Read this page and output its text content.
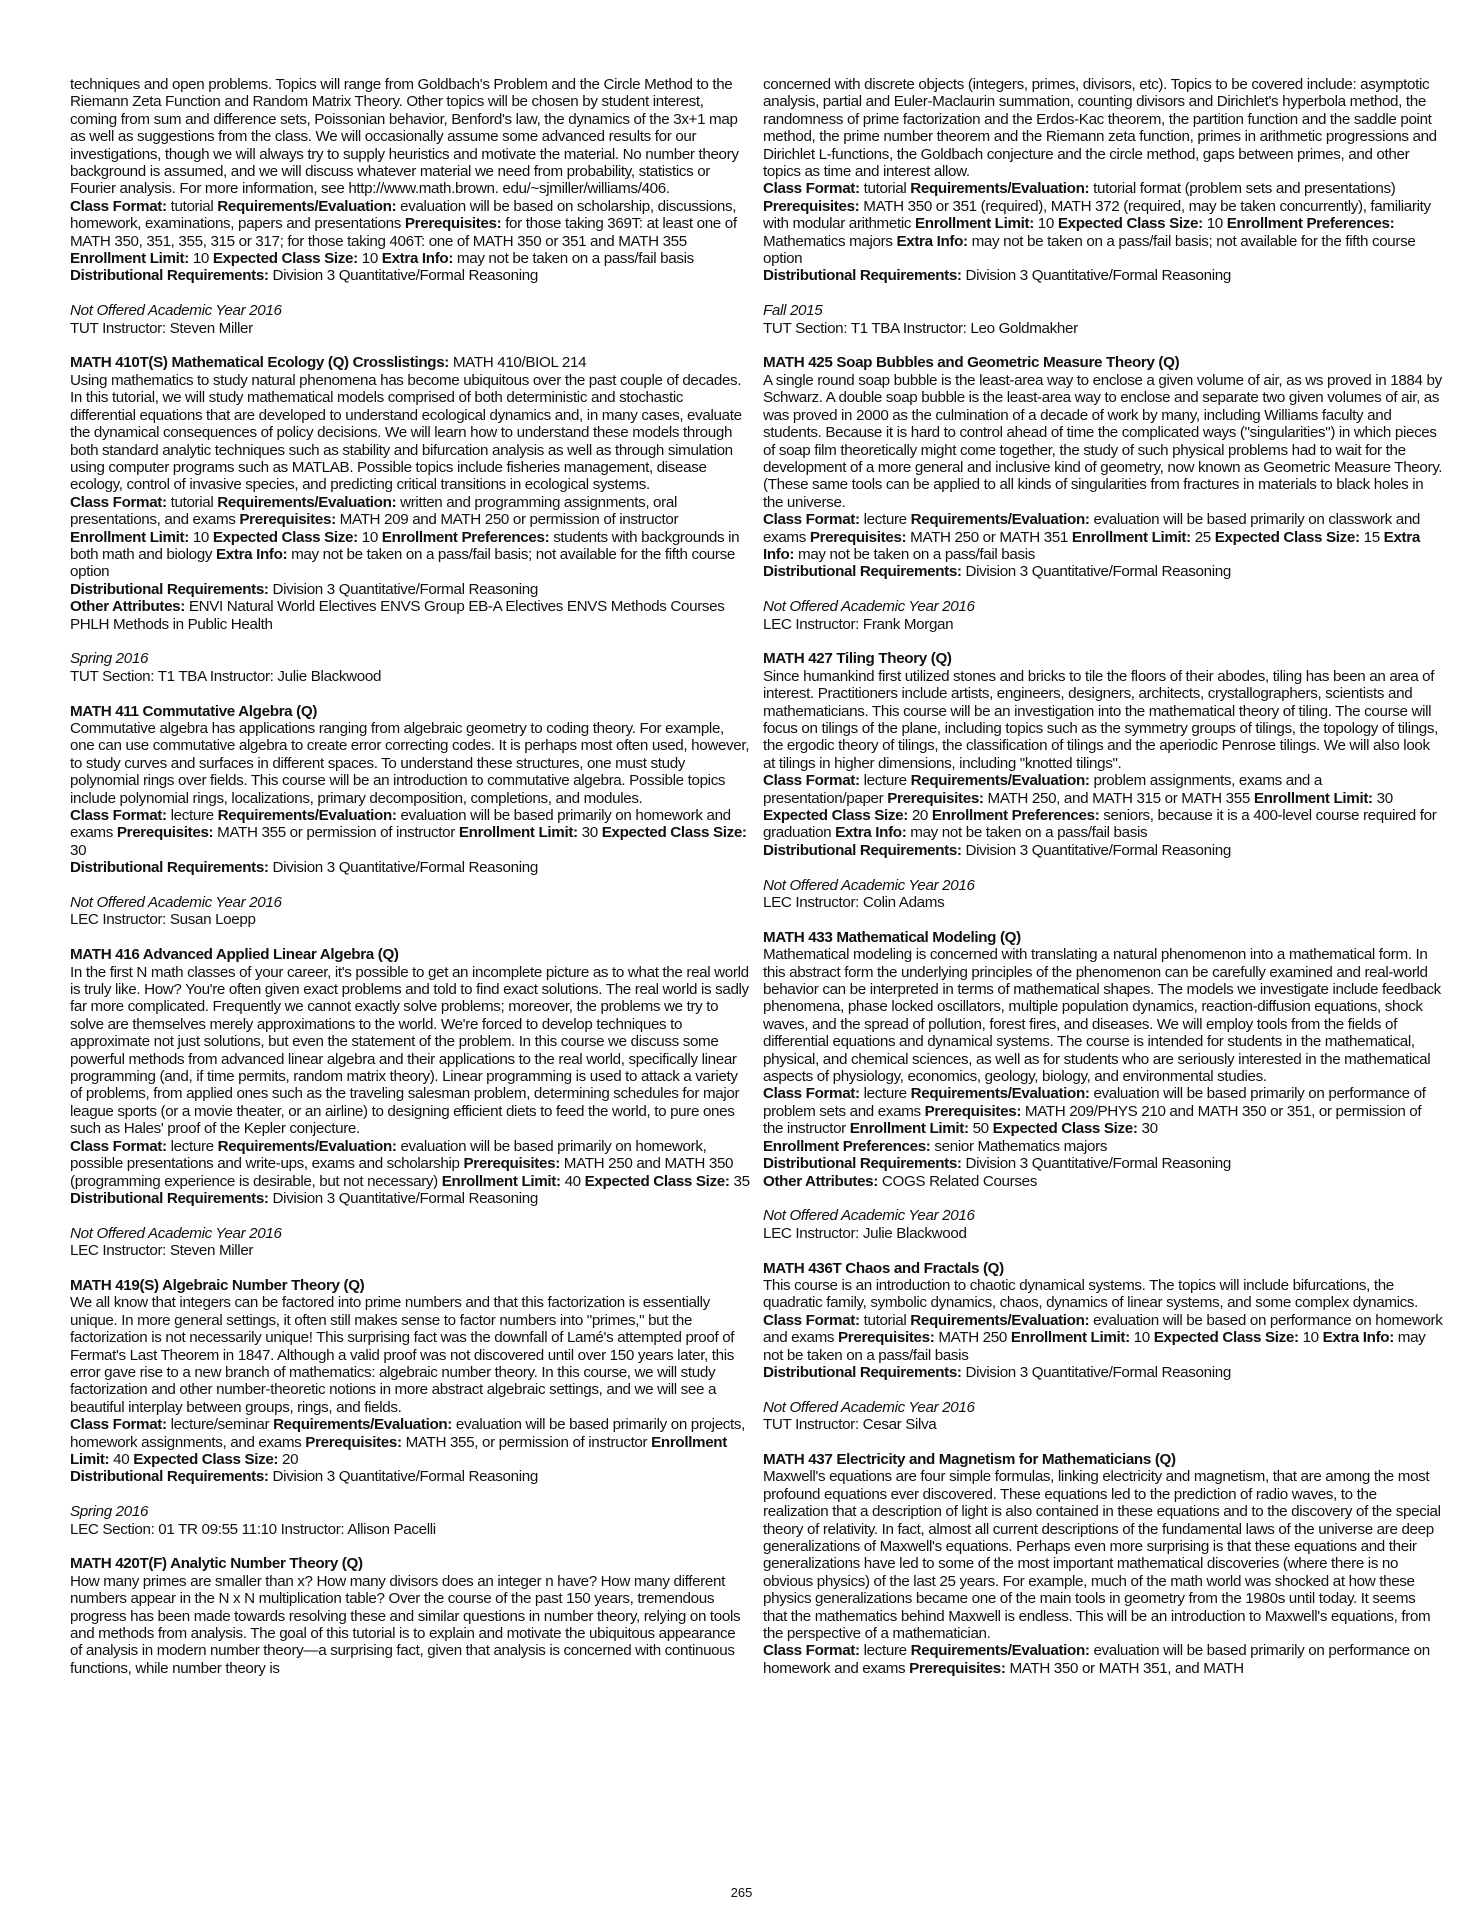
techniques and open problems. Topics will range from Goldbach's Problem and the Circle Method to the Riemann Zeta Function and Random Matrix Theory. Other topics will be chosen by student interest, coming from sum and difference sets, Poissonian behavior, Benford's law, the dynamics of the 3x+1 map as well as suggestions from the class. We will occasionally assume some advanced results for our investigations, though we will always try to supply heuristics and motivate the material. No number theory background is assumed, and we will discuss whatever material we need from probability, statistics or Fourier analysis. For more information, see http://www.math.brown. edu/~sjmiller/williams/406.

Class Format: tutorial Requirements/Evaluation: evaluation will be based on scholarship, discussions, homework, examinations, papers and presentations Prerequisites: for those taking 369T: at least one of MATH 350, 351, 355, 315 or 317; for those taking 406T: one of MATH 350 or 351 and MATH 355 Enrollment Limit: 10 Expected Class Size: 10 Extra Info: may not be taken on a pass/fail basis

Distributional Requirements: Division 3 Quantitative/Formal Reasoning

Not Offered Academic Year 2016

TUT Instructor: Steven Miller

MATH 410T(S) Mathematical Ecology (Q) Crosslistings: MATH 410/BIOL 214

Using mathematics to study natural phenomena has become ubiquitous over the past couple of decades. In this tutorial, we will study mathematical models comprised of both deterministic and stochastic differential equations that are developed to understand ecological dynamics and, in many cases, evaluate the dynamical consequences of policy decisions. We will learn how to understand these models through both standard analytic techniques such as stability and bifurcation analysis as well as through simulation using computer programs such as MATLAB. Possible topics include fisheries management, disease ecology, control of invasive species, and predicting critical transitions in ecological systems.

Class Format: tutorial Requirements/Evaluation: written and programming assignments, oral presentations, and exams Prerequisites: MATH 209 and MATH 250 or permission of instructor Enrollment Limit: 10 Expected Class Size: 10 Enrollment Preferences: students with backgrounds in both math and biology Extra Info: may not be taken on a pass/fail basis; not available for the fifth course option

Distributional Requirements: Division 3 Quantitative/Formal Reasoning

Other Attributes: ENVI Natural World Electives ENVS Group EB-A Electives ENVS Methods Courses PHLH Methods in Public Health

Spring 2016

TUT Section: T1 TBA Instructor: Julie Blackwood

MATH 411 Commutative Algebra (Q)

Commutative algebra has applications ranging from algebraic geometry to coding theory. For example, one can use commutative algebra to create error correcting codes. It is perhaps most often used, however, to study curves and surfaces in different spaces. To understand these structures, one must study polynomial rings over fields. This course will be an introduction to commutative algebra. Possible topics include polynomial rings, localizations, primary decomposition, completions, and modules.

Class Format: lecture Requirements/Evaluation: evaluation will be based primarily on homework and exams Prerequisites: MATH 355 or permission of instructor Enrollment Limit: 30 Expected Class Size: 30

Distributional Requirements: Division 3 Quantitative/Formal Reasoning

Not Offered Academic Year 2016

LEC Instructor: Susan Loepp

MATH 416 Advanced Applied Linear Algebra (Q)

In the first N math classes of your career, it's possible to get an incomplete picture as to what the real world is truly like. How? You're often given exact problems and told to find exact solutions. The real world is sadly far more complicated. Frequently we cannot exactly solve problems; moreover, the problems we try to solve are themselves merely approximations to the world. We're forced to develop techniques to approximate not just solutions, but even the statement of the problem. In this course we discuss some powerful methods from advanced linear algebra and their applications to the real world, specifically linear programming (and, if time permits, random matrix theory). Linear programming is used to attack a variety of problems, from applied ones such as the traveling salesman problem, determining schedules for major league sports (or a movie theater, or an airline) to designing efficient diets to feed the world, to pure ones such as Hales' proof of the Kepler conjecture.

Class Format: lecture Requirements/Evaluation: evaluation will be based primarily on homework, possible presentations and write-ups, exams and scholarship Prerequisites: MATH 250 and MATH 350 (programming experience is desirable, but not necessary) Enrollment Limit: 40 Expected Class Size: 35

Distributional Requirements: Division 3 Quantitative/Formal Reasoning

Not Offered Academic Year 2016

LEC Instructor: Steven Miller

MATH 419(S) Algebraic Number Theory (Q)

We all know that integers can be factored into prime numbers and that this factorization is essentially unique. In more general settings, it often still makes sense to factor numbers into "primes," but the factorization is not necessarily unique! This surprising fact was the downfall of Lamé's attempted proof of Fermat's Last Theorem in 1847. Although a valid proof was not discovered until over 150 years later, this error gave rise to a new branch of mathematics: algebraic number theory. In this course, we will study factorization and other number-theoretic notions in more abstract algebraic settings, and we will see a beautiful interplay between groups, rings, and fields.

Class Format: lecture/seminar Requirements/Evaluation: evaluation will be based primarily on projects, homework assignments, and exams Prerequisites: MATH 355, or permission of instructor Enrollment Limit: 40 Expected Class Size: 20

Distributional Requirements: Division 3 Quantitative/Formal Reasoning

Spring 2016

LEC Section: 01 TR 09:55 11:10 Instructor: Allison Pacelli

MATH 420T(F) Analytic Number Theory (Q)

How many primes are smaller than x? How many divisors does an integer n have? How many different numbers appear in the N x N multiplication table? Over the course of the past 150 years, tremendous progress has been made towards resolving these and similar questions in number theory, relying on tools and methods from analysis. The goal of this tutorial is to explain and motivate the ubiquitous appearance of analysis in modern number theory—a surprising fact, given that analysis is concerned with continuous functions, while number theory is

concerned with discrete objects (integers, primes, divisors, etc). Topics to be covered include: asymptotic analysis, partial and Euler-Maclaurin summation, counting divisors and Dirichlet's hyperbola method, the randomness of prime factorization and the Erdos-Kac theorem, the partition function and the saddle point method, the prime number theorem and the Riemann zeta function, primes in arithmetic progressions and Dirichlet L-functions, the Goldbach conjecture and the circle method, gaps between primes, and other topics as time and interest allow.

Class Format: tutorial Requirements/Evaluation: tutorial format (problem sets and presentations) Prerequisites: MATH 350 or 351 (required), MATH 372 (required, may be taken concurrently), familiarity with modular arithmetic Enrollment Limit: 10 Expected Class Size: 10 Enrollment Preferences: Mathematics majors Extra Info: may not be taken on a pass/fail basis; not available for the fifth course option

Distributional Requirements: Division 3 Quantitative/Formal Reasoning

Fall 2015

TUT Section: T1 TBA Instructor: Leo Goldmakher

MATH 425 Soap Bubbles and Geometric Measure Theory (Q)

A single round soap bubble is the least-area way to enclose a given volume of air, as ws proved in 1884 by Schwarz. A double soap bubble is the least-area way to enclose and separate two given volumes of air, as was proved in 2000 as the culmination of a decade of work by many, including Williams faculty and students. Because it is hard to control ahead of time the complicated ways ("singularities") in which pieces of soap film theoretically might come together, the study of such physical problems had to wait for the development of a more general and inclusive kind of geometry, now known as Geometric Measure Theory. (These same tools can be applied to all kinds of singularities from fractures in materials to black holes in the universe.

Class Format: lecture Requirements/Evaluation: evaluation will be based primarily on classwork and exams Prerequisites: MATH 250 or MATH 351 Enrollment Limit: 25 Expected Class Size: 15 Extra Info: may not be taken on a pass/fail basis

Distributional Requirements: Division 3 Quantitative/Formal Reasoning

Not Offered Academic Year 2016

LEC Instructor: Frank Morgan

MATH 427 Tiling Theory (Q)

Since humankind first utilized stones and bricks to tile the floors of their abodes, tiling has been an area of interest. Practitioners include artists, engineers, designers, architects, crystallographers, scientists and mathematicians. This course will be an investigation into the mathematical theory of tiling. The course will focus on tilings of the plane, including topics such as the symmetry groups of tilings, the topology of tilings, the ergodic theory of tilings, the classification of tilings and the aperiodic Penrose tilings. We will also look at tilings in higher dimensions, including "knotted tilings".

Class Format: lecture Requirements/Evaluation: problem assignments, exams and a presentation/paper Prerequisites: MATH 250, and MATH 315 or MATH 355 Enrollment Limit: 30 Expected Class Size: 20 Enrollment Preferences: seniors, because it is a 400-level course required for graduation Extra Info: may not be taken on a pass/fail basis

Distributional Requirements: Division 3 Quantitative/Formal Reasoning

Not Offered Academic Year 2016

LEC Instructor: Colin Adams

MATH 433 Mathematical Modeling (Q)

Mathematical modeling is concerned with translating a natural phenomenon into a mathematical form. In this abstract form the underlying principles of the phenomenon can be carefully examined and real-world behavior can be interpreted in terms of mathematical shapes. The models we investigate include feedback phenomena, phase locked oscillators, multiple population dynamics, reaction-diffusion equations, shock waves, and the spread of pollution, forest fires, and diseases. We will employ tools from the fields of differential equations and dynamical systems. The course is intended for students in the mathematical, physical, and chemical sciences, as well as for students who are seriously interested in the mathematical aspects of physiology, economics, geology, biology, and environmental studies.

Class Format: lecture Requirements/Evaluation: evaluation will be based primarily on performance of problem sets and exams Prerequisites: MATH 209/PHYS 210 and MATH 350 or 351, or permission of the instructor Enrollment Limit: 50 Expected Class Size: 30

Enrollment Preferences: senior Mathematics majors

Distributional Requirements: Division 3 Quantitative/Formal Reasoning

Other Attributes: COGS Related Courses

Not Offered Academic Year 2016

LEC Instructor: Julie Blackwood

MATH 436T Chaos and Fractals (Q)

This course is an introduction to chaotic dynamical systems. The topics will include bifurcations, the quadratic family, symbolic dynamics, chaos, dynamics of linear systems, and some complex dynamics.

Class Format: tutorial Requirements/Evaluation: evaluation will be based on performance on homework and exams Prerequisites: MATH 250 Enrollment Limit: 10 Expected Class Size: 10 Extra Info: may not be taken on a pass/fail basis

Distributional Requirements: Division 3 Quantitative/Formal Reasoning

Not Offered Academic Year 2016

TUT Instructor: Cesar Silva

MATH 437 Electricity and Magnetism for Mathematicians (Q)

Maxwell's equations are four simple formulas, linking electricity and magnetism, that are among the most profound equations ever discovered. These equations led to the prediction of radio waves, to the realization that a description of light is also contained in these equations and to the discovery of the special theory of relativity. In fact, almost all current descriptions of the fundamental laws of the universe are deep generalizations of Maxwell's equations. Perhaps even more surprising is that these equations and their generalizations have led to some of the most important mathematical discoveries (where there is no obvious physics) of the last 25 years. For example, much of the math world was shocked at how these physics generalizations became one of the main tools in geometry from the 1980s until today. It seems that the mathematics behind Maxwell is endless. This will be an introduction to Maxwell's equations, from the perspective of a mathematician.

Class Format: lecture Requirements/Evaluation: evaluation will be based primarily on performance on homework and exams Prerequisites: MATH 350 or MATH 351, and MATH

265
